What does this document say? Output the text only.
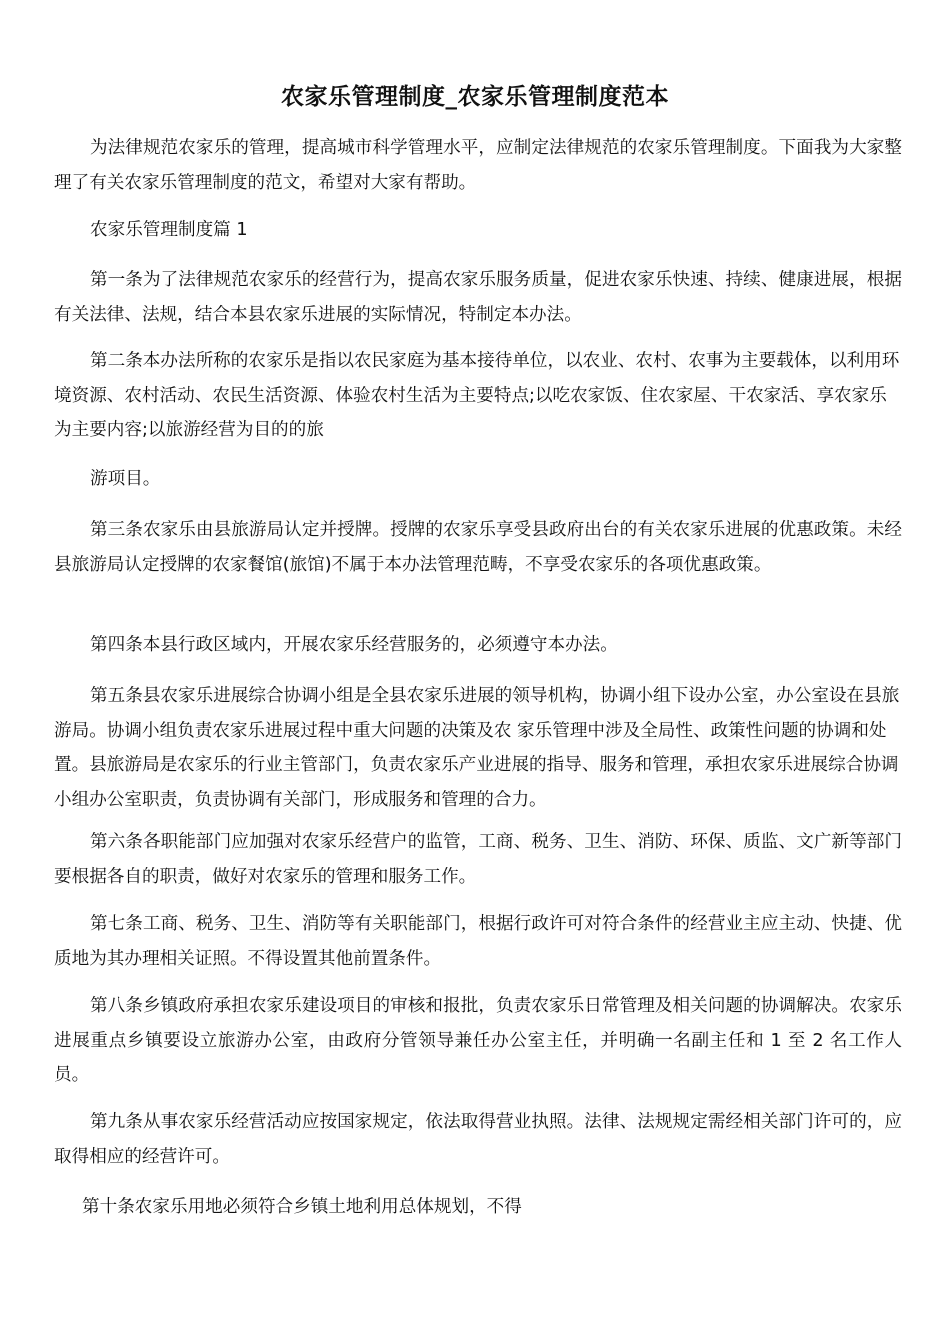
农家乐管理制度_农家乐管理制度范本

为法律规范农家乐的管理，提高城市科学管理水平，应制定法律规范的农家乐管理制度。下面我为大家整理了有关农家乐管理制度的范文，希望对大家有帮助。

农家乐管理制度篇 1

第一条为了法律规范农家乐的经营行为，提高农家乐服务质量，促进农家乐快速、持续、健康进展，根据有关法律、法规，结合本县农家乐进展的实际情况，特制定本办法。

第二条本办法所称的农家乐是指以农民家庭为基本接待单位，以农业、农村、农事为主要载体，以利用环境资源、农村活动、农民生活资源、体验农村生活为主要特点;以吃农家饭、住农家屋、干农家活、享农家乐为主要内容;以旅游经营为目的的旅

游项目。

第三条农家乐由县旅游局认定并授牌。授牌的农家乐享受县政府出台的有关农家乐进展的优惠政策。未经县旅游局认定授牌的农家餐馆(旅馆)不属于本办法管理范畴，不享受农家乐的各项优惠政策。

第四条本县行政区域内，开展农家乐经营服务的，必须遵守本办法。

第五条县农家乐进展综合协调小组是全县农家乐进展的领导机构，协调小组下设办公室，办公室设在县旅游局。协调小组负责农家乐进展过程中重大问题的决策及农 家乐管理中涉及全局性、政策性问题的协调和处置。县旅游局是农家乐的行业主管部门，负责农家乐产业进展的指导、服务和管理，承担农家乐进展综合协调小组办公室职责，负责协调有关部门，形成服务和管理的合力。

第六条各职能部门应加强对农家乐经营户的监管，工商、税务、卫生、消防、环保、质监、文广新等部门要根据各自的职责，做好对农家乐的管理和服务工作。

第七条工商、税务、卫生、消防等有关职能部门，根据行政许可对符合条件的经营业主应主动、快捷、优质地为其办理相关证照。不得设置其他前置条件。

第八条乡镇政府承担农家乐建设项目的审核和报批，负责农家乐日常管理及相关问题的协调解决。农家乐进展重点乡镇要设立旅游办公室，由政府分管领导兼任办公室主任，并明确一名副主任和 1 至 2 名工作人员。

第九条从事农家乐经营活动应按国家规定，依法取得营业执照。法律、法规规定需经相关部门许可的，应取得相应的经营许可。

第十条农家乐用地必须符合乡镇土地利用总体规划，不得
